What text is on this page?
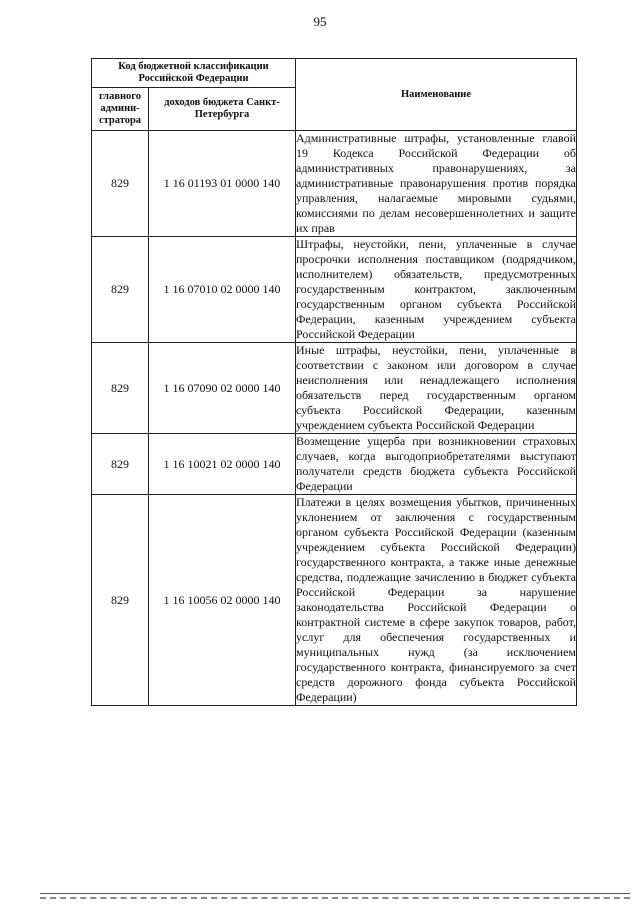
95
Код бюджетной классификации Российской Федерации		Наименование
главного админи-стратора	доходов бюджета Санкт-Петербурга	
829	1 16 01193 01 0000 140	Административные штрафы, установленные главой 19 Кодекса Российской Федерации об административных правонарушениях, за административные правонарушения против порядка управления, налагаемые мировыми судьями, комиссиями по делам несовершеннолетних и защите их прав
829	1 16 07010 02 0000 140	Штрафы, неустойки, пени, уплаченные в случае просрочки исполнения поставщиком (подрядчиком, исполнителем) обязательств, предусмотренных государственным контрактом, заключенным государственным органом субъекта Российской Федерации, казенным учреждением субъекта Российской Федерации
829	1 16 07090 02 0000 140	Иные штрафы, неустойки, пени, уплаченные в соответствии с законом или договором в случае неисполнения или ненадлежащего исполнения обязательств перед государственным органом субъекта Российской Федерации, казенным учреждением субъекта Российской Федерации
829	1 16 10021 02 0000 140	Возмещение ущерба при возникновении страховых случаев, когда выгодоприобретателями выступают получатели средств бюджета субъекта Российской Федерации
829	1 16 10056 02 0000 140	Платежи в целях возмещения убытков, причиненных уклонением от заключения с государственным органом субъекта Российской Федерации (казенным учреждением субъекта Российской Федерации) государственного контракта, а также иные денежные средства, подлежащие зачислению в бюджет субъекта Российской Федерации за нарушение законодательства Российской Федерации о контрактной системе в сфере закупок товаров, работ, услуг для обеспечения государственных и муниципальных нужд (за исключением государственного контракта, финансируемого за счет средств дорожного фонда субъекта Российской Федерации)
